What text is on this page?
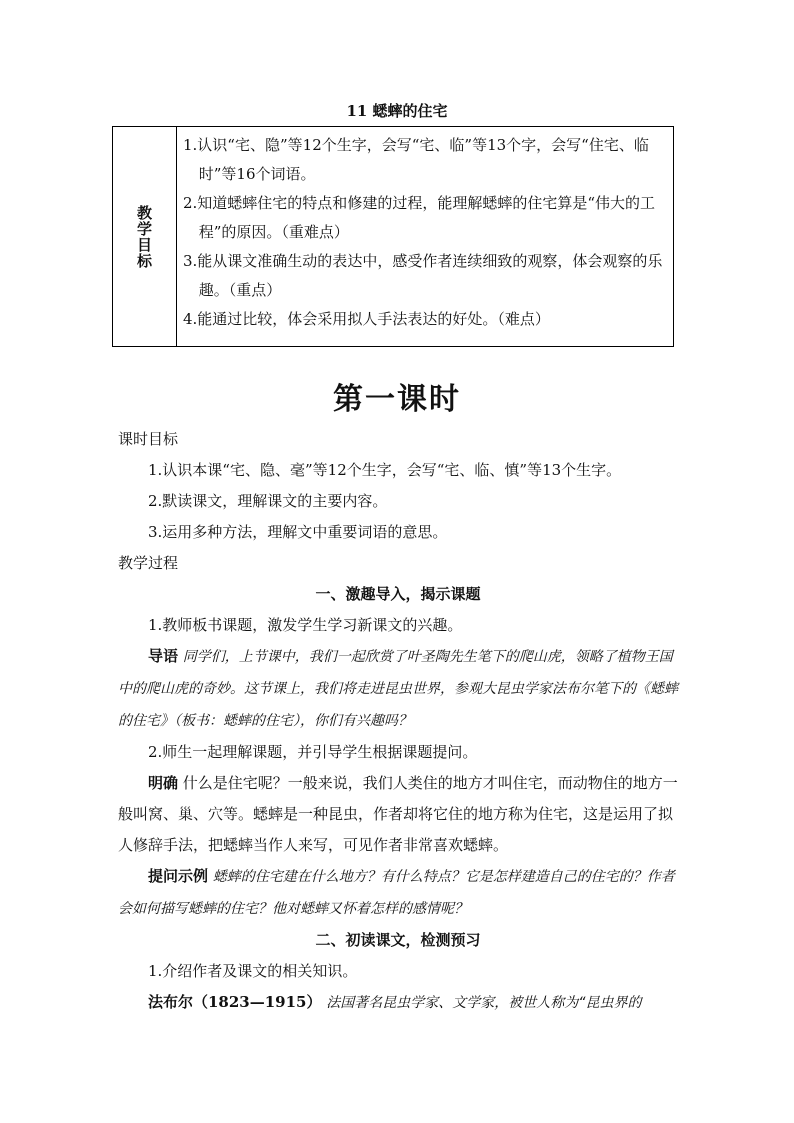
11 蟋蟀的住宅
教学目标

1.认识“宅、隐”等12个生字，会写“宅、临”等13个字，会写“住宅、临时”等16个词语。

2.知道蟋蟀住宅的特点和修建的过程，能理解蟋蟀的住宅算是“伟大的工程”的原因。（重难点）

3.能从课文准确生动的表达中，感受作者连续细致的观察，体会观察的乐趣。（重点）

4.能通过比较，体会采用拟人手法表达的好处。（难点）

第一课时

课时目标

1.认识本课“宅、隐、毫”等12个生字，会写“宅、临、慎”等13个生字。

2.默读课文，理解课文的主要内容。

3.运用多种方法，理解文中重要词语的意思。

教学过程

一、激趣导入，揭示课题

1.教师板书课题，激发学生学习新课文的兴趣。

导语 同学们，上节课中，我们一起欣赏了叶圣陶先生笔下的爬山虎，领略了植物王国中的爬山虎的奇妙。这节课上，我们将走进昆虫世界，参观大昆虫学家法布尔笔下的《蟋蟀的住宅》（板书：蟋蟀的住宅），你们有兴趣吗？

2.师生一起理解课题，并引导学生根据课题提问。

明确 什么是住宅呢？一般来说，我们人类住的地方才叫住宅，而动物住的地方一般叫窝、巢、穴等。蟋蟀是一种昆虫，作者却将它住的地方称为住宅，这是运用了拟人修辞手法，把蟋蟀当作人来写，可见作者非常喜欢蟋蟀。

提问示例 蟋蟀的住宅建在什么地方？有什么特点？它是怎样建造自己的住宅的？作者会如何描写蟋蟀的住宅？他对蟋蟀又怀着怎样的感情呢？

二、初读课文，检测预习

1.介绍作者及课文的相关知识。

法布尔（1823—1915） 法国著名昆虫学家、文学家，被世人称为“昆虫界的
